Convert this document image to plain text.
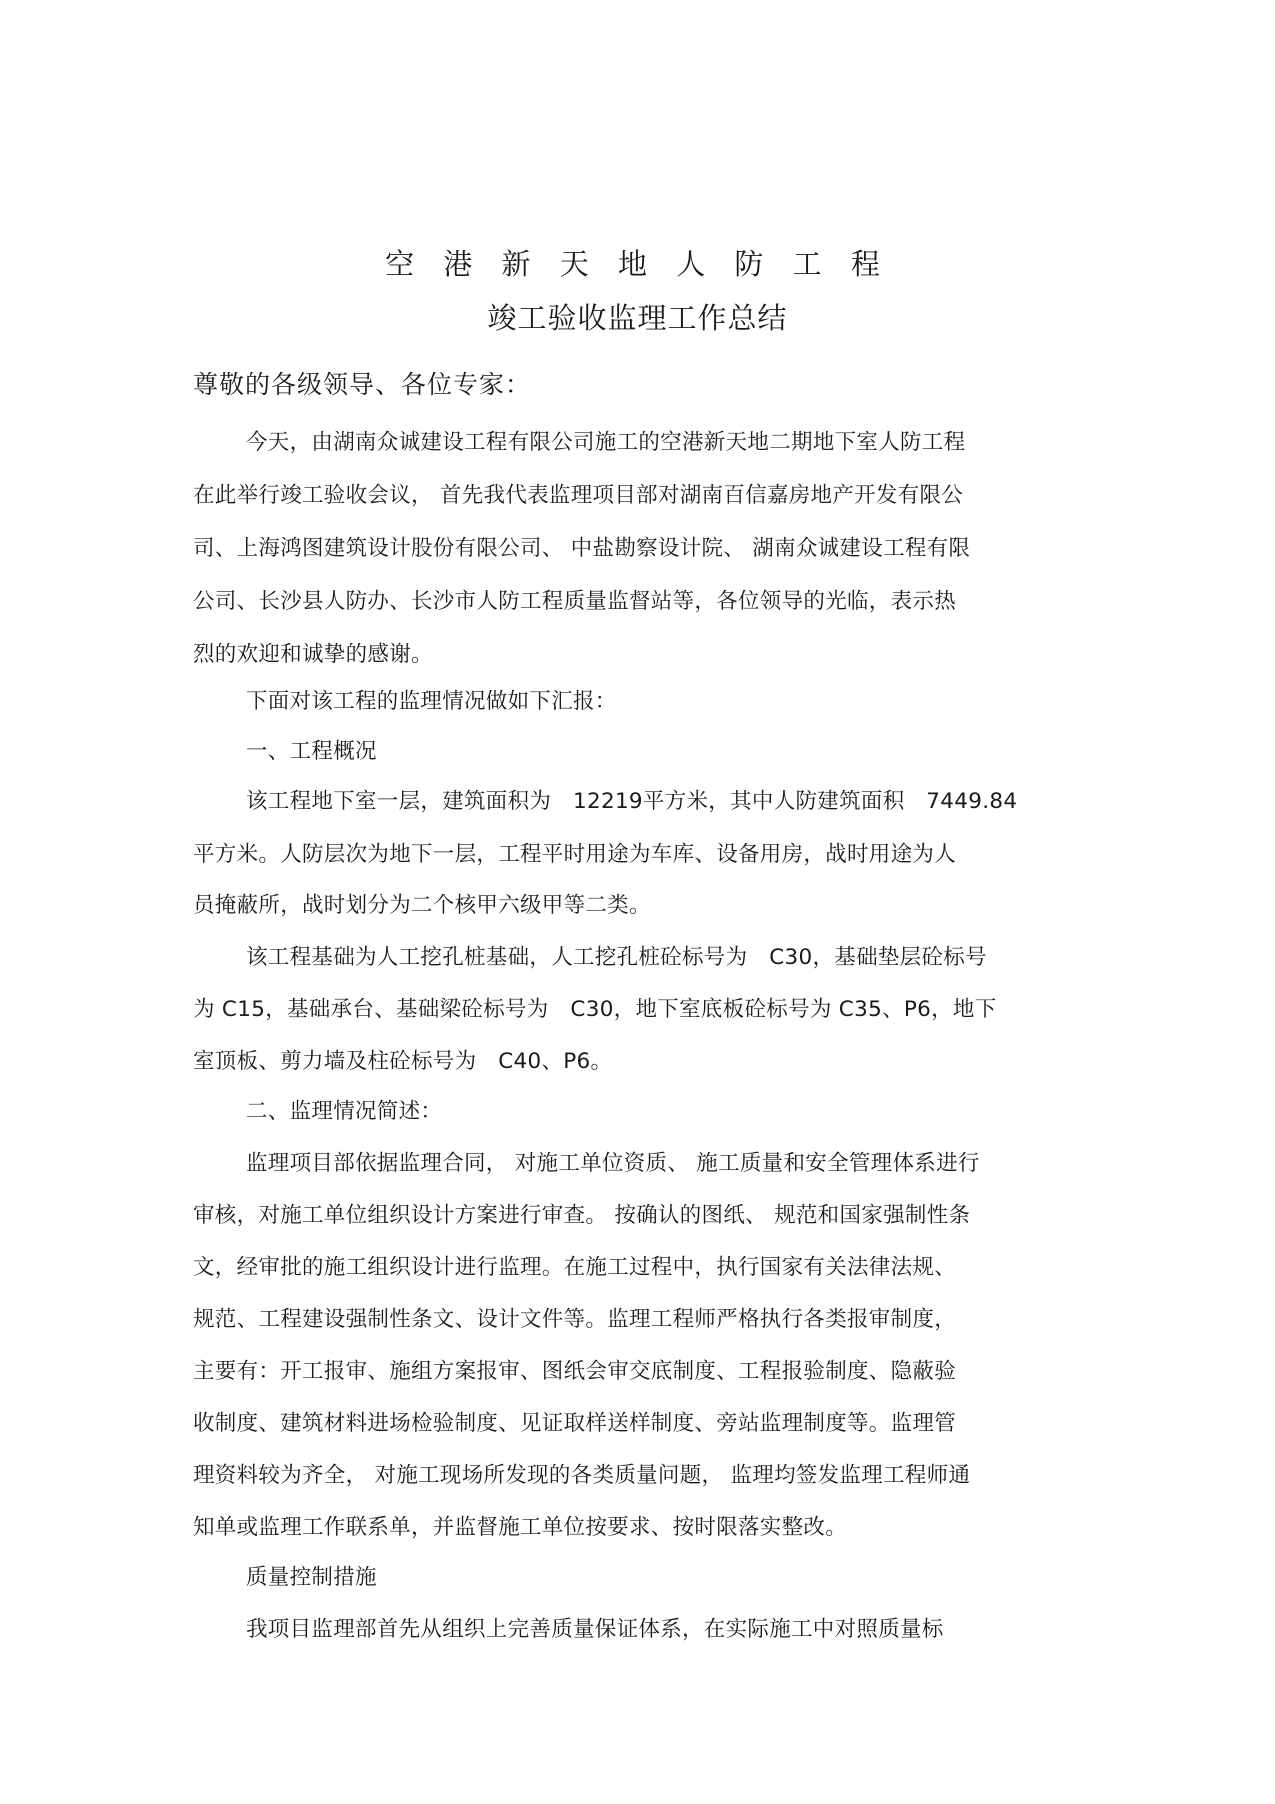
空 港 新 天 地 人 防 工 程
竣工验收监理工作总结
尊敬的各级领导、各位专家：
今天，由湖南众诚建设工程有限公司施工的空港新天地二期地下室人防工程
在此举行竣工验收会议， 首先我代表监理项目部对湖南百信嘉房地产开发有限公
司、上海鸿图建筑设计股份有限公司、 中盐勘察设计院、 湖南众诚建设工程有限
公司、长沙县人防办、长沙市人防工程质量监督站等，各位领导的光临，表示热
烈的欢迎和诚挚的感谢。
下面对该工程的监理情况做如下汇报：
一、工程概况
该工程地下室一层，建筑面积为　12219平方米，其中人防建筑面积　7449.84
平方米。人防层次为地下一层，工程平时用途为车库、设备用房，战时用途为人
员掩蔽所，战时划分为二个核甲六级甲等二类。
该工程基础为人工挖孔桩基础，人工挖孔桩砼标号为　C30，基础垫层砼标号
为 C15，基础承台、基础梁砼标号为　C30，地下室底板砼标号为 C35、P6，地下
室顶板、剪力墙及柱砼标号为　C40、P6。
二、监理情况简述：
监理项目部依据监理合同， 对施工单位资质、 施工质量和安全管理体系进行
审核，对施工单位组织设计方案进行审查。 按确认的图纸、 规范和国家强制性条
文，经审批的施工组织设计进行监理。在施工过程中，执行国家有关法律法规、
规范、工程建设强制性条文、设计文件等。监理工程师严格执行各类报审制度，
主要有：开工报审、施组方案报审、图纸会审交底制度、工程报验制度、隐蔽验
收制度、建筑材料进场检验制度、见证取样送样制度、旁站监理制度等。监理管
理资料较为齐全， 对施工现场所发现的各类质量问题， 监理均签发监理工程师通
知单或监理工作联系单，并监督施工单位按要求、按时限落实整改。
质量控制措施
我项目监理部首先从组织上完善质量保证体系，在实际施工中对照质量标
